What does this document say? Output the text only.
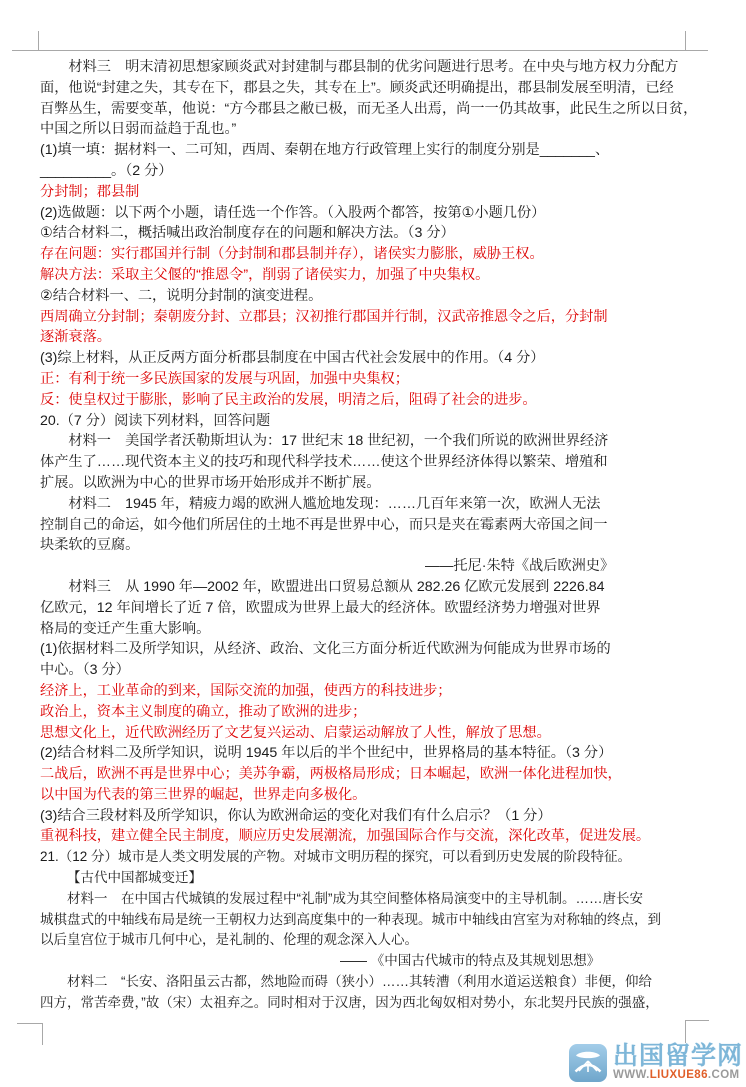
材料三　明末清初思想家顾炎武对封建制与郡县制的优劣问题进行思考。在中央与地方权力分配方
面，他说“封建之失，其专在下，郡县之失，其专在上”。顾炎武还明确提出，郡县制发展至明清，已经
百弊丛生，需要变革，他说：“方今郡县之敝已极，而无圣人出焉，尚一一仍其故事，此民生之所以日贫，
中国之所以日弱而益趋于乱也。”
(1)填一填：据材料一、二可知，西周、秦朝在地方行政管理上实行的制度分别是_______、
_________。（2 分）
分封制；郡县制
(2)选做题：以下两个小题，请任选一个作答。（入股两个都答，按第①小题几份）
①结合材料二，概括喊出政治制度存在的问题和解决方法。（3 分）
存在问题：实行郡国并行制（分封制和郡县制并存），诸侯实力膨胀，威胁王权。
解决方法：采取主父偃的“推恩令”，削弱了诸侯实力，加强了中央集权。
②结合材料一、二，说明分封制的演变进程。
西周确立分封制；秦朝废分封、立郡县；汉初推行郡国并行制，汉武帝推恩令之后，分封制
逐渐衰落。
(3)综上材料，从正反两方面分析郡县制度在中国古代社会发展中的作用。（4 分）
正：有利于统一多民族国家的发展与巩固，加强中央集权；
反：使皇权过于膨胀，影响了民主政治的发展，明清之后，阻碍了社会的进步。
20.（7 分）阅读下列材料，回答问题
材料一　美国学者沃勒斯坦认为：17 世纪末 18 世纪初，一个我们所说的欧洲世界经济
体产生了……现代资本主义的技巧和现代科学技术……使这个世界经济体得以繁荣、增殖和
扩展。以欧洲为中心的世界市场开始形成并不断扩展。
材料二　1945 年，精疲力竭的欧洲人尴尬地发现：……几百年来第一次，欧洲人无法
控制自己的命运，如今他们所居住的土地不再是世界中心，而只是夹在霉素两大帝国之间一
块柔软的豆腐。
——托尼·朱特《战后欧洲史》
材料三　从 1990 年—2002 年，欧盟进出口贸易总额从 282.26 亿欧元发展到 2226.84
亿欧元，12 年间增长了近 7 倍，欧盟成为世界上最大的经济体。欧盟经济势力增强对世界
格局的变迁产生重大影响。
(1)依据材料二及所学知识，从经济、政治、文化三方面分析近代欧洲为何能成为世界市场的
中心。（3 分）
经济上，工业革命的到来，国际交流的加强，使西方的科技进步；
政治上，资本主义制度的确立，推动了欧洲的进步；
思想文化上，近代欧洲经历了文艺复兴运动、启蒙运动解放了人性，解放了思想。
(2)结合材料二及所学知识，说明 1945 年以后的半个世纪中，世界格局的基本特征。（3 分）
二战后，欧洲不再是世界中心；美苏争霸，两极格局形成；日本崛起，欧洲一体化进程加快，
以中国为代表的第三世界的崛起，世界走向多极化。
(3)结合三段材料及所学知识，你认为欧洲命运的变化对我们有什么启示？（1 分）
重视科技，建立健全民主制度，顺应历史发展潮流，加强国际合作与交流，深化改革，促进发展。
21.（12 分）城市是人类文明发展的产物。对城市文明历程的探究，可以看到历史发展的阶段特征。
【古代中国都城变迁】
材料一　在中国古代城镇的发展过程中“礼制”成为其空间整体格局演变中的主导机制。……唐长安
城棋盘式的中轴线布局是统一王朝权力达到高度集中的一种表现。城市中轴线由宫室为对称轴的终点，到
以后皇宫位于城市几何中心，是礼制的、伦理的观念深入人心。
—— 《中国古代城市的特点及其规划思想》
材料二　“长安、洛阳虽云古都，然地险而碍（狭小）……其转漕（利用水道运送粮食）非便，仰给
四方，常苦牵费，”故（宋）太祖弃之。同时相对于汉唐，因为西北匈奴相对势小，东北契丹民族的强盛，
出国留学网
WWW.LIUXUE86.COM
